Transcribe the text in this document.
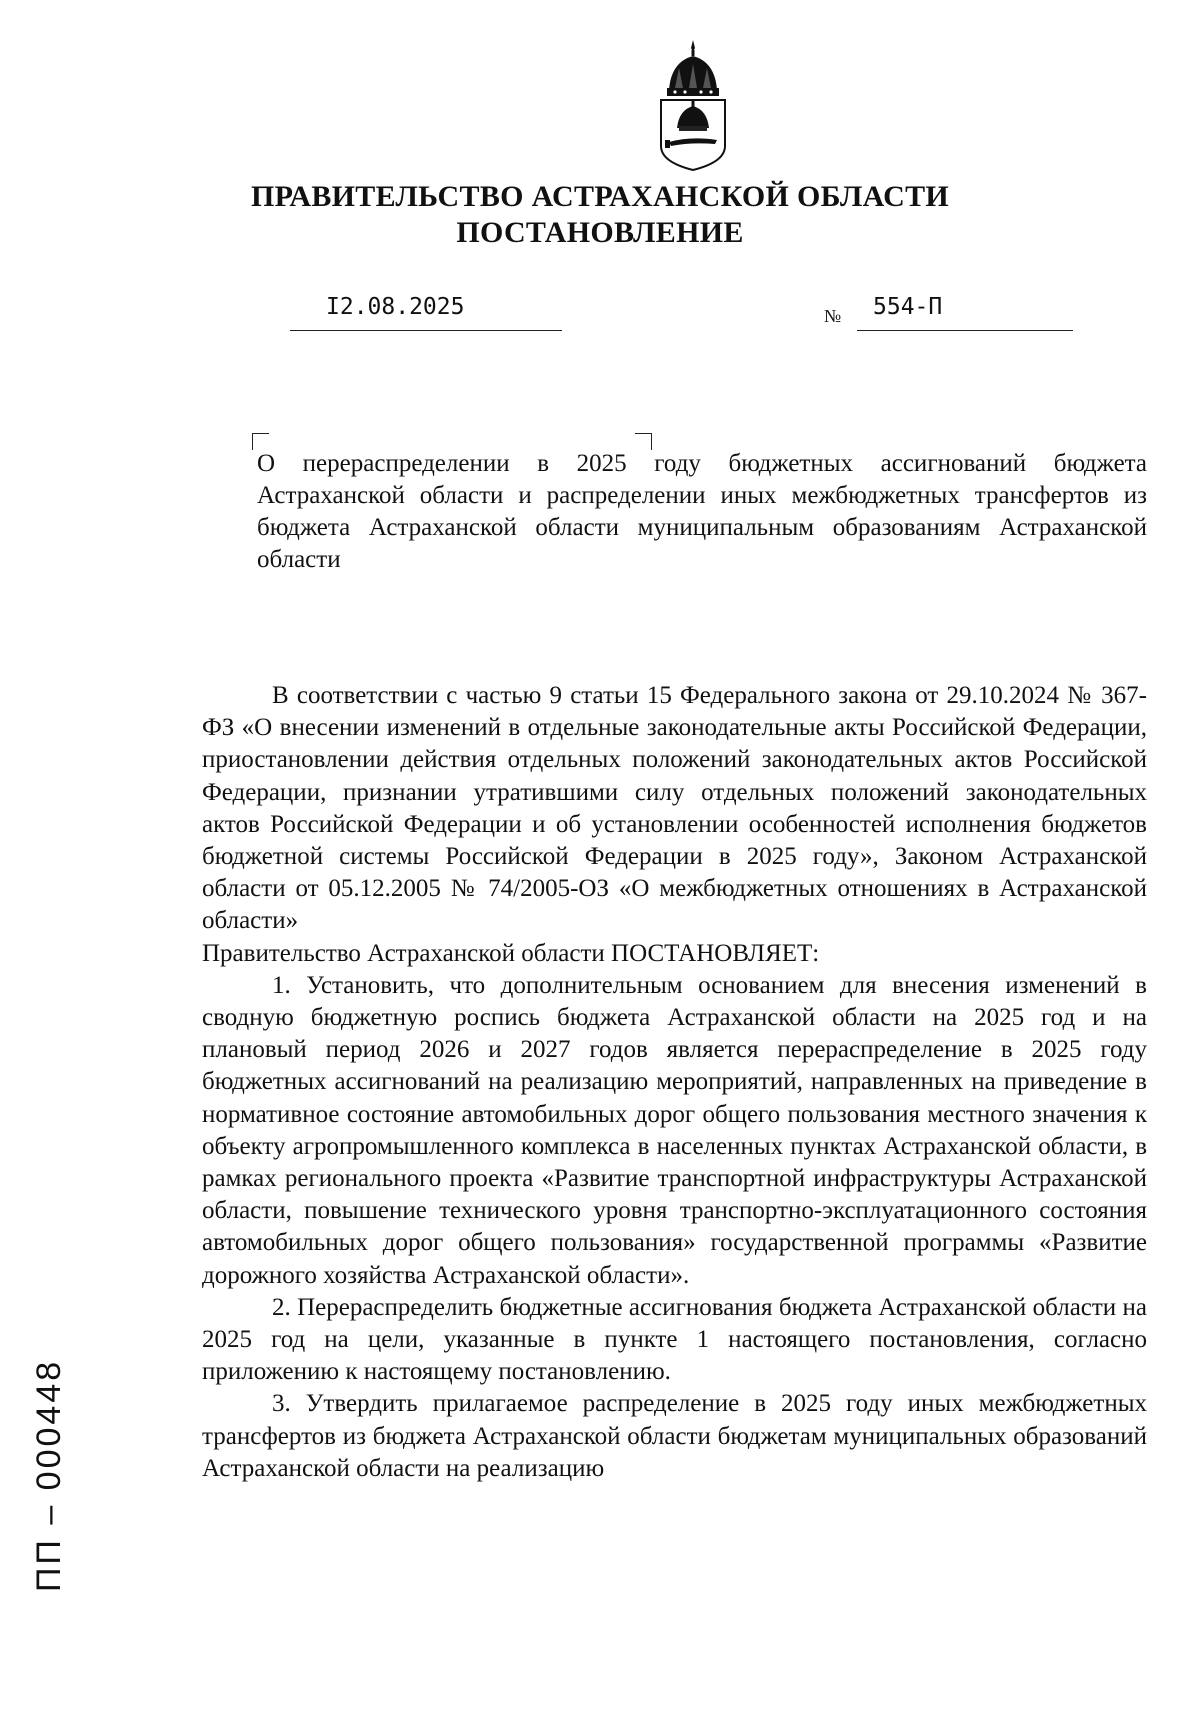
ПРАВИТЕЛЬСТВО АСТРАХАНСКОЙ ОБЛАСТИ
ПОСТАНОВЛЕНИЕ
I2.08.2025	№ 554-П
О перераспределении в 2025 году бюджетных ассигнований бюджета Астраханской области и распределении иных межбюджетных трансфертов из бюджета Астраханской области муниципальным образованиям Астраханской области

В соответствии с частью 9 статьи 15 Федерального закона от 29.10.2024 № 367-ФЗ «О внесении изменений в отдельные законодательные акты Российской Федерации, приостановлении действия отдельных положений законодательных актов Российской Федерации, признании утратившими силу отдельных положений законодательных актов Российской Федерации и об установлении особенностей исполнения бюджетов бюджетной системы Российской Федерации в 2025 году», Законом Астраханской области от 05.12.2005 № 74/2005-ОЗ «О межбюджетных отношениях в Астраханской области»

Правительство Астраханской области ПОСТАНОВЛЯЕТ:

1. Установить, что дополнительным основанием для внесения изменений в сводную бюджетную роспись бюджета Астраханской области на 2025 год и на плановый период 2026 и 2027 годов является перераспределение в 2025 году бюджетных ассигнований на реализацию мероприятий, направленных на приведение в нормативное состояние автомобильных дорог общего пользования местного значения к объекту агропромышленного комплекса в населенных пунктах Астраханской области, в рамках регионального проекта «Развитие транспортной инфраструктуры Астраханской области, повышение технического уровня транспортно-эксплуатационного состояния автомобильных дорог общего пользования» государственной программы «Развитие дорожного хозяйства Астраханской области».

2. Перераспределить бюджетные ассигнования бюджета Астраханской области на 2025 год на цели, указанные в пункте 1 настоящего постановления, согласно приложению к настоящему постановлению.

3. Утвердить прилагаемое распределение в 2025 году иных межбюджетных трансфертов из бюджета Астраханской области бюджетам муниципальных образований Астраханской области на реализацию

ПП – 000448
